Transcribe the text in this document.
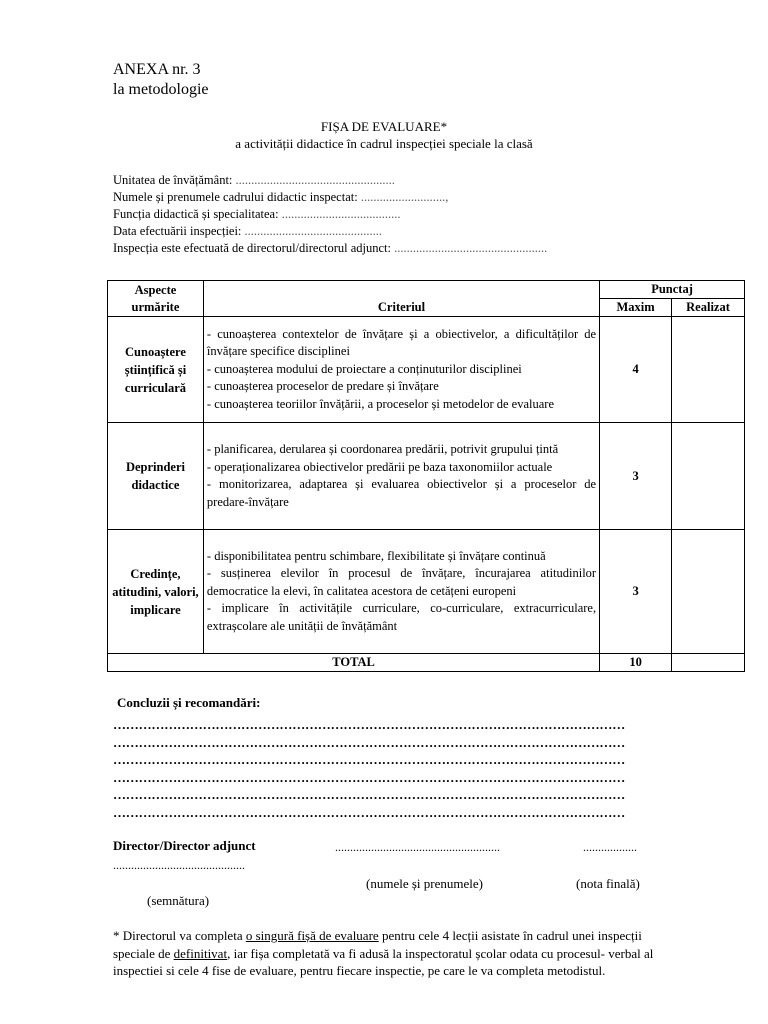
ANEXA nr. 3
la metodologie
FIȘA DE EVALUARE*
a activității didactice în cadrul inspecției speciale la clasă
Unitatea de învățământ: ...................................................
Numele și prenumele cadrului didactic inspectat: ...........................,
Funcția didactică și specialitatea: ......................................
Data efectuării inspecției: ............................................
Inspecția este efectuată de directorul/directorul adjunct: .................................................
Aspecte urmărite	Criteriul	Punctaj	
		Maxim	Realizat
Cunoaștere științifică și curriculară	- cunoașterea contextelor de învățare și a obiectivelor, a dificultăților de învățare specifice disciplinei
- cunoașterea modului de proiectare a conținuturilor disciplinei
- cunoașterea proceselor de predare și învățare
- cunoașterea teoriilor învățării, a proceselor și metodelor de evaluare	4	
Deprinderi didactice	- planificarea, derularea și coordonarea predării, potrivit grupului țintă
- operaționalizarea obiectivelor predării pe baza taxonomiilor actuale
- monitorizarea, adaptarea și evaluarea obiectivelor și a proceselor de predare-învățare	3	
Credințe, atitudini, valori, implicare	- disponibilitatea pentru schimbare, flexibilitate și învățare continuă
- susținerea elevilor în procesul de învățare, încurajarea atitudinilor democratice la elevi, în calitatea acestora de cetățeni europeni
- implicare în activitățile curriculare, co-curriculare, extracurriculare, extrașcolare ale unității de învățământ	3	
TOTAL		10	
Concluzii și recomandări:
…………………………………………………………………………………………………………
…………………………………………………………………………………………………………
…………………………………………………………………………………………………………
…………………………………………………………………………………………………………
…………………………………………………………………………………………………………
…………………………………………………………………………………………………………
Director/Director adjunct	.......................................................	..................
............................................
(numele și prenumele)	(nota finală)
(semnătura)
* Directorul va completa o singură fișă de evaluare pentru cele 4 lecții asistate în cadrul unei inspecții speciale de definitivat, iar fișa completată va fi adusă la inspectoratul școlar odata cu procesul- verbal al inspectiei si cele 4 fise de evaluare, pentru fiecare inspectie, pe care le va completa metodistul.
